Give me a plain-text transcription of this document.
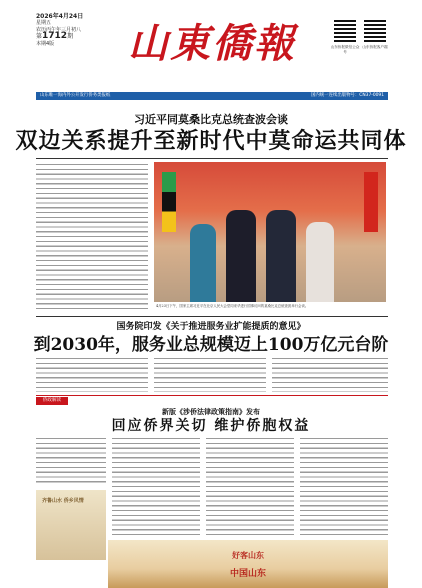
2026年4月24日
星期五
农历丙午年三月初八
第1712期
本期4版	山東僑報	山东侨报微信公众号
山东侨报客户端
山东唯一海内外公开发行侨务类报纸	国内统一连续出版物号：CN37-0091
习近平同莫桑比克总统查波会谈
双边关系提升至新时代中莫命运共同体
4月23日下午，国家主席习近平在北京人民大会堂同来华进行国事访问的莫桑比克总统查波举行会谈。
国务院印发《关于推进服务业扩能提质的意见》
到2030年，服务业总规模迈上100万亿元台阶
侨政解读
新版《涉侨法律政策指南》发布
回应侨界关切 维护侨胞权益
齐鲁山水 侨乡风情
好客山东
中国山东
